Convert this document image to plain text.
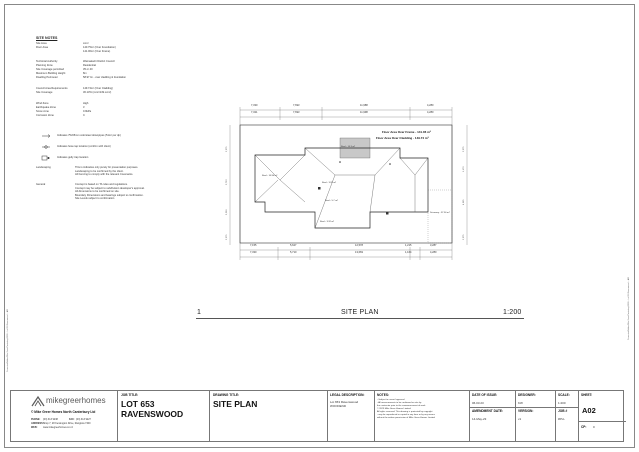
SITE NOTES
Site Area	xxm²
Floor Area	140.75m² (Over Foundation)
141.06m² (Over Frame)
Territorial Authority	Waimakariri District Council
Planning Zone	Residential
Site Coverage permitted	35 or 40
Maximum Building Height	8m
Dwelling Perimeter	58.97 lm - over cladding & foundation
Council Area Requirements	149.74m² (Over Cladding)
Site Coverage	30.13% (xxm²/149.xxm²)
Wind Zone	High
Earthquake Zone	3
Snow zone	0.9kPa
Corrosion Zone	C
Indicates 75x65mm colorsteel downpipes (51m² per dp)
Indicates hose tap location (confirm with client)
Indicates gully trap location
Landscaping	This is indicative only purely for presentation purposes.
Landscaping to be confirmed by the client.
All Fencing to comply with the relevant Covenants.
General	Concept is based on TA rules and regulations.
Concept may be subject to subdivision developer's approval.
All dimensions to be confirmed on site.
Boundary Dimensions and bearings subject to confirmation.
Site Levels subject to confirmation
7,330	7,693	11,988	4,280
7,321	7,693	11,998	4,280
7,155	5,627	12,578	1,215	3,287
7,330	5,710	13,669	1,164	4,280
2,575
3,733
5,300
2,575
2,575
1,170
4,065
2,575
Floor Area Over Frame - 141.06 m²
Floor Area Over Cladding - 149.74 m²
Roof - 14.3 m²
Roof - 16.90 m²
Roof - 3.92 m²
Roof - 5.7 m²
Roof - 3.32 m²
Driveway - 37.56 m²
1	SITE PLAN	1:200	Consented/Builder/Mike Greer/Canterbury/2023/... Lot 653 Ravenswood ... A02
Consented/Builder/Mike Greer/Canterbury/2023/... Lot 653 Ravenswood ... A02
mikegreerhomes
© Mike Greer Homes North Canterbury Ltd
PHONE: (03) 313 9238	FAX: (03) 313 9227
ADDRESS: Shop 7, 28 Kensington Drive, Rangiora 7400
WEB: www.mikegreerhomes.co.nz
JOB TITLE:
LOT 653
RAVENSWOOD
DRAWING TITLE:
SITE PLAN
LEGAL DESCRIPTION:
Lot 653 Ravenswood
WOODEND
NOTES:
- Subject to council approval.
- All measurements to be confirmed on site by
the contractor prior to the commencement of work.
© 2023 Mike Greer Homes Limited
All rights reserved. This drawing is protected by copyright
- may be reproduced or copied in any form or by any means
without the written permission of Mike Greer Homes Limited
DATE OF ISSUE:
06.03.23
AMENDMENT DATE:
14-May-23
DESIGNER:
KW
VERSION:
v1
SCALE:
1:200
JOB #
#PH-
SHEET:
A02
CP: 0
